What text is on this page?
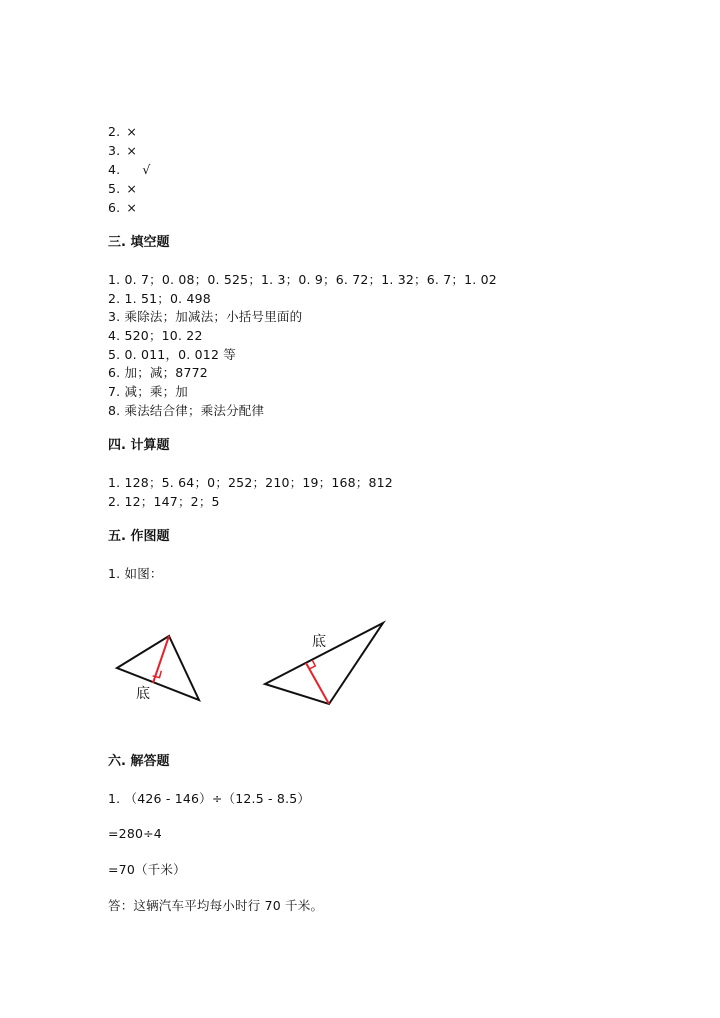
2. ×
3. ×
4. √
5. ×
6. ×
三. 填空题
1. 0. 7；0. 08；0. 525；1. 3；0. 9；6. 72；1. 32；6. 7；1. 02
2. 1. 51；0. 498
3. 乘除法；加减法；小括号里面的
4. 520；10. 22
5. 0. 011，0. 012 等
6. 加；减；8772
7. 减；乘；加
8. 乘法结合律；乘法分配律
四. 计算题
1. 128；5. 64；0；252；210；19；168；812
2. 12；147；2；5
五. 作图题
1. 如图：
底
底
六. 解答题
1. （426 - 146）÷（12.5 - 8.5）
=280÷4
=70（千米）
答：这辆汽车平均每小时行 70 千米。
